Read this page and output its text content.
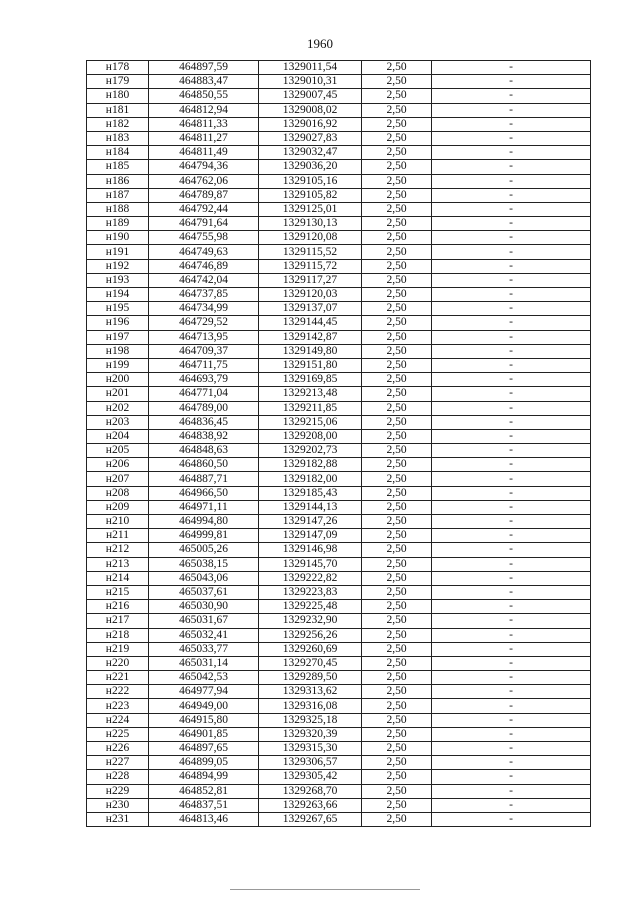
1960
н178	464897,59	1329011,54	2,50	-
н179	464883,47	1329010,31	2,50	-
н180	464850,55	1329007,45	2,50	-
н181	464812,94	1329008,02	2,50	-
н182	464811,33	1329016,92	2,50	-
н183	464811,27	1329027,83	2,50	-
н184	464811,49	1329032,47	2,50	-
н185	464794,36	1329036,20	2,50	-
н186	464762,06	1329105,16	2,50	-
н187	464789,87	1329105,82	2,50	-
н188	464792,44	1329125,01	2,50	-
н189	464791,64	1329130,13	2,50	-
н190	464755,98	1329120,08	2,50	-
н191	464749,63	1329115,52	2,50	-
н192	464746,89	1329115,72	2,50	-
н193	464742,04	1329117,27	2,50	-
н194	464737,85	1329120,03	2,50	-
н195	464734,99	1329137,07	2,50	-
н196	464729,52	1329144,45	2,50	-
н197	464713,95	1329142,87	2,50	-
н198	464709,37	1329149,80	2,50	-
н199	464711,75	1329151,80	2,50	-
н200	464693,79	1329169,85	2,50	-
н201	464771,04	1329213,48	2,50	-
н202	464789,00	1329211,85	2,50	-
н203	464836,45	1329215,06	2,50	-
н204	464838,92	1329208,00	2,50	-
н205	464848,63	1329202,73	2,50	-
н206	464860,50	1329182,88	2,50	-
н207	464887,71	1329182,00	2,50	-
н208	464966,50	1329185,43	2,50	-
н209	464971,11	1329144,13	2,50	-
н210	464994,80	1329147,26	2,50	-
н211	464999,81	1329147,09	2,50	-
н212	465005,26	1329146,98	2,50	-
н213	465038,15	1329145,70	2,50	-
н214	465043,06	1329222,82	2,50	-
н215	465037,61	1329223,83	2,50	-
н216	465030,90	1329225,48	2,50	-
н217	465031,67	1329232,90	2,50	-
н218	465032,41	1329256,26	2,50	-
н219	465033,77	1329260,69	2,50	-
н220	465031,14	1329270,45	2,50	-
н221	465042,53	1329289,50	2,50	-
н222	464977,94	1329313,62	2,50	-
н223	464949,00	1329316,08	2,50	-
н224	464915,80	1329325,18	2,50	-
н225	464901,85	1329320,39	2,50	-
н226	464897,65	1329315,30	2,50	-
н227	464899,05	1329306,57	2,50	-
н228	464894,99	1329305,42	2,50	-
н229	464852,81	1329268,70	2,50	-
н230	464837,51	1329263,66	2,50	-
н231	464813,46	1329267,65	2,50	-
